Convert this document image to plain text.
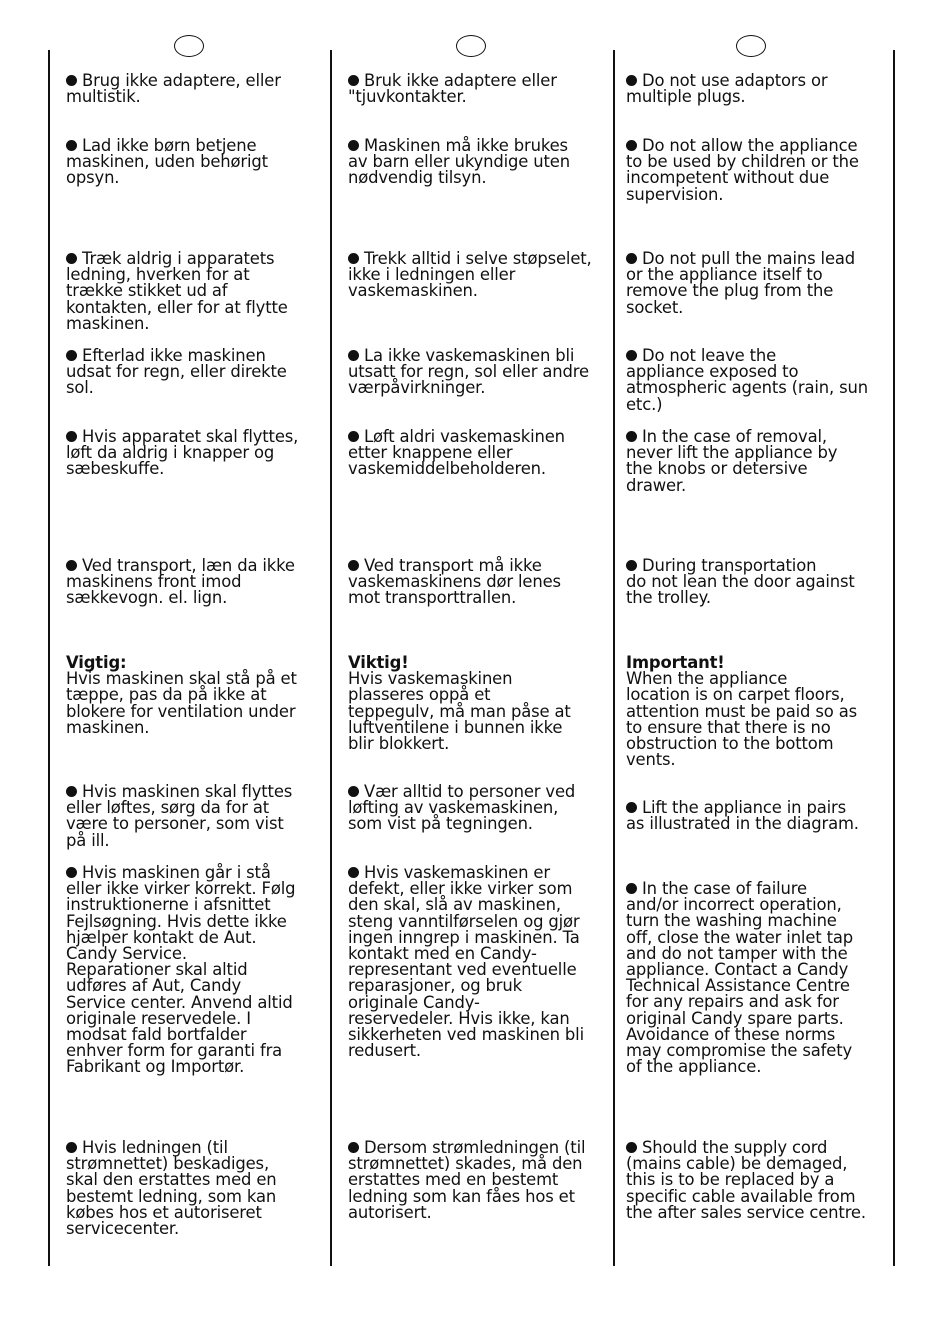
Brug ikke adaptere, eller
multistik.
Lad ikke børn betjene
maskinen, uden behørigt
opsyn.
Træk aldrig i apparatets
ledning, hverken for at
trække stikket ud af
kontakten, eller for at flytte
maskinen.
Efterlad ikke maskinen
udsat for regn, eller direkte
sol.
Hvis apparatet skal flyttes,
løft da aldrig i knapper og
sæbeskuffe.
Ved transport, læn da ikke
maskinens front imod
sækkevogn. el. lign.
Vigtig:
Hvis maskinen skal stå på et
tæppe, pas da på ikke at
blokere for ventilation under
maskinen.
Hvis maskinen skal flyttes
eller løftes, sørg da for at
være to personer, som vist
på ill.
Hvis maskinen går i stå
eller ikke virker korrekt. Følg
instruktionerne i afsnittet
Fejlsøgning. Hvis dette ikke
hjælper kontakt de Aut.
Candy Service.
Reparationer skal altid
udføres af Aut, Candy
Service center. Anvend altid
originale reservedele. I
modsat fald bortfalder
enhver form for garanti fra
Fabrikant og Importør.
Hvis ledningen (til
strømnettet) beskadiges,
skal den erstattes med en
bestemt ledning, som kan
købes hos et autoriseret
servicecenter.
Bruk ikke adaptere eller
"tjuvkontakter.
Maskinen må ikke brukes
av barn eller ukyndige uten
nødvendig tilsyn.
Trekk alltid i selve støpselet,
ikke i ledningen eller
vaskemaskinen.
La ikke vaskemaskinen bli
utsatt for regn, sol eller andre
værpåvirkninger.
Løft aldri vaskemaskinen
etter knappene eller
vaskemiddelbeholderen.
Ved transport må ikke
vaskemaskinens dør lenes
mot transporttrallen.
Viktig!
Hvis vaskemaskinen
plasseres oppå et
teppegulv, må man påse at
luftventilene i bunnen ikke
blir blokkert.
Vær alltid to personer ved
løfting av vaskemaskinen,
som vist på tegningen.
Hvis vaskemaskinen er
defekt, eller ikke virker som
den skal, slå av maskinen,
steng vanntilførselen og gjør
ingen inngrep i maskinen. Ta
kontakt med en Candy-
representant ved eventuelle
reparasjoner, og bruk
originale Candy-
reservedeler. Hvis ikke, kan
sikkerheten ved maskinen bli
redusert.
Dersom strømledningen (til
strømnettet) skades, må den
erstattes med en bestemt
ledning som kan fåes hos et
autorisert.
Do not use adaptors or
multiple plugs.
Do not allow the appliance
to be used by children or the
incompetent without due
supervision.
Do not pull the mains lead
or the appliance itself to
remove the plug from the
socket.
Do not leave the
appliance exposed to
atmospheric agents (rain, sun
etc.)
In the case of removal,
never lift the appliance by
the knobs or detersive
drawer.
During transportation
do not lean the door against
the trolley.
Important!
When the appliance
location is on carpet floors,
attention must be paid so as
to ensure that there is no
obstruction to the bottom
vents.
Lift the appliance in pairs
as illustrated in the diagram.
In the case of failure
and/or incorrect operation,
turn the washing machine
off, close the water inlet tap
and do not tamper with the
appliance. Contact a Candy
Technical Assistance Centre
for any repairs and ask for
original Candy spare parts.
Avoidance of these norms
may compromise the safety
of the appliance.
Should the supply cord
(mains cable) be demaged,
this is to be replaced by a
specific cable available from
the after sales service centre.
